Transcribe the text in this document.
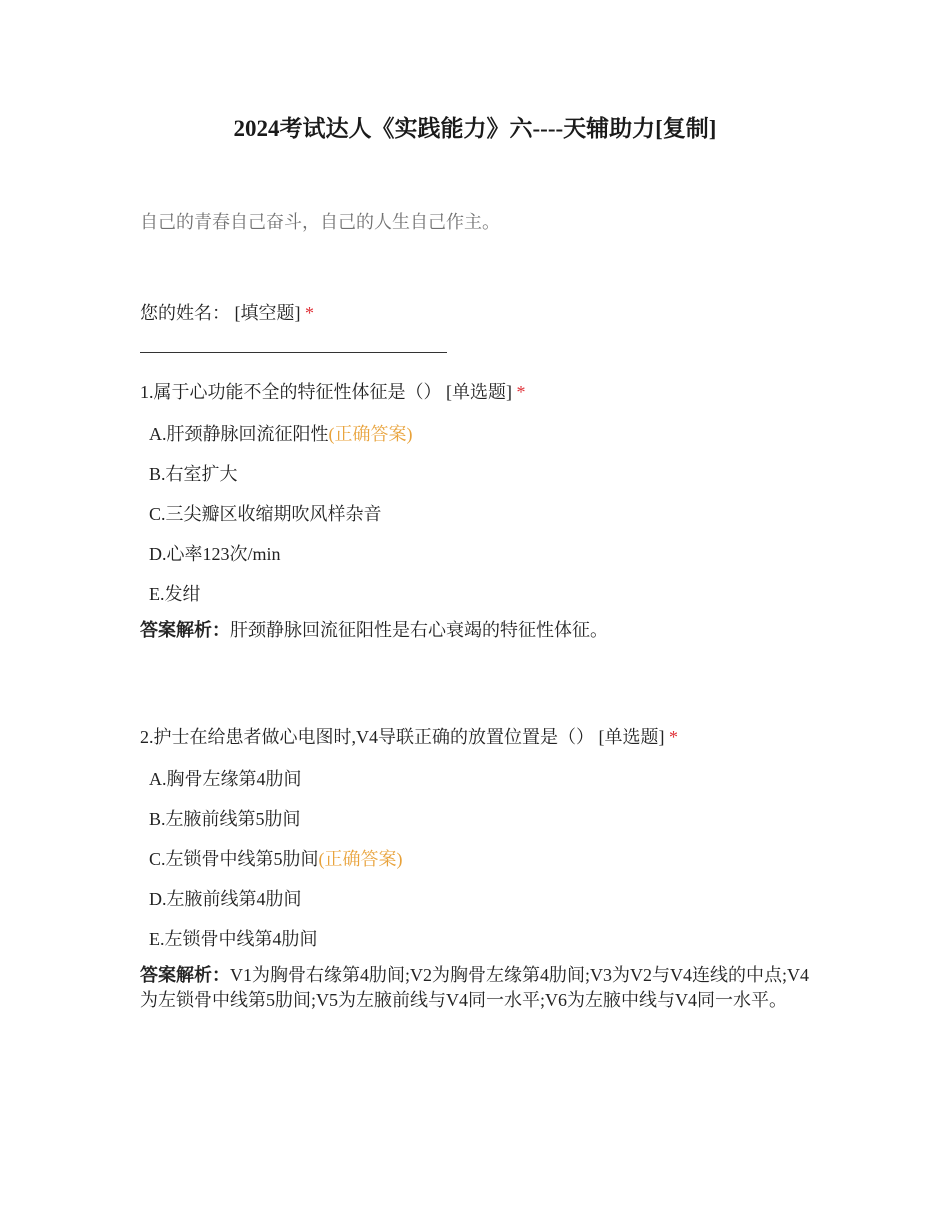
2024考试达人《实践能力》六----天辅助力[复制]

自己的青春自己奋斗，自己的人生自己作主。

您的姓名： [填空题] *

1.属于心功能不全的特征性体征是（） [单选题] *

A.肝颈静脉回流征阳性(正确答案)
B.右室扩大
C.三尖瓣区收缩期吹风样杂音
D.心率123次/min
E.发绀

答案解析：肝颈静脉回流征阳性是右心衰竭的特征性体征。

2.护士在给患者做心电图时,V4导联正确的放置位置是（） [单选题] *

A.胸骨左缘第4肋间
B.左腋前线第5肋间
C.左锁骨中线第5肋间(正确答案)
D.左腋前线第4肋间
E.左锁骨中线第4肋间

答案解析：V1为胸骨右缘第4肋间;V2为胸骨左缘第4肋间;V3为V2与V4连线的中点;V4为左锁骨中线第5肋间;V5为左腋前线与V4同一水平;V6为左腋中线与V4同一水平。
